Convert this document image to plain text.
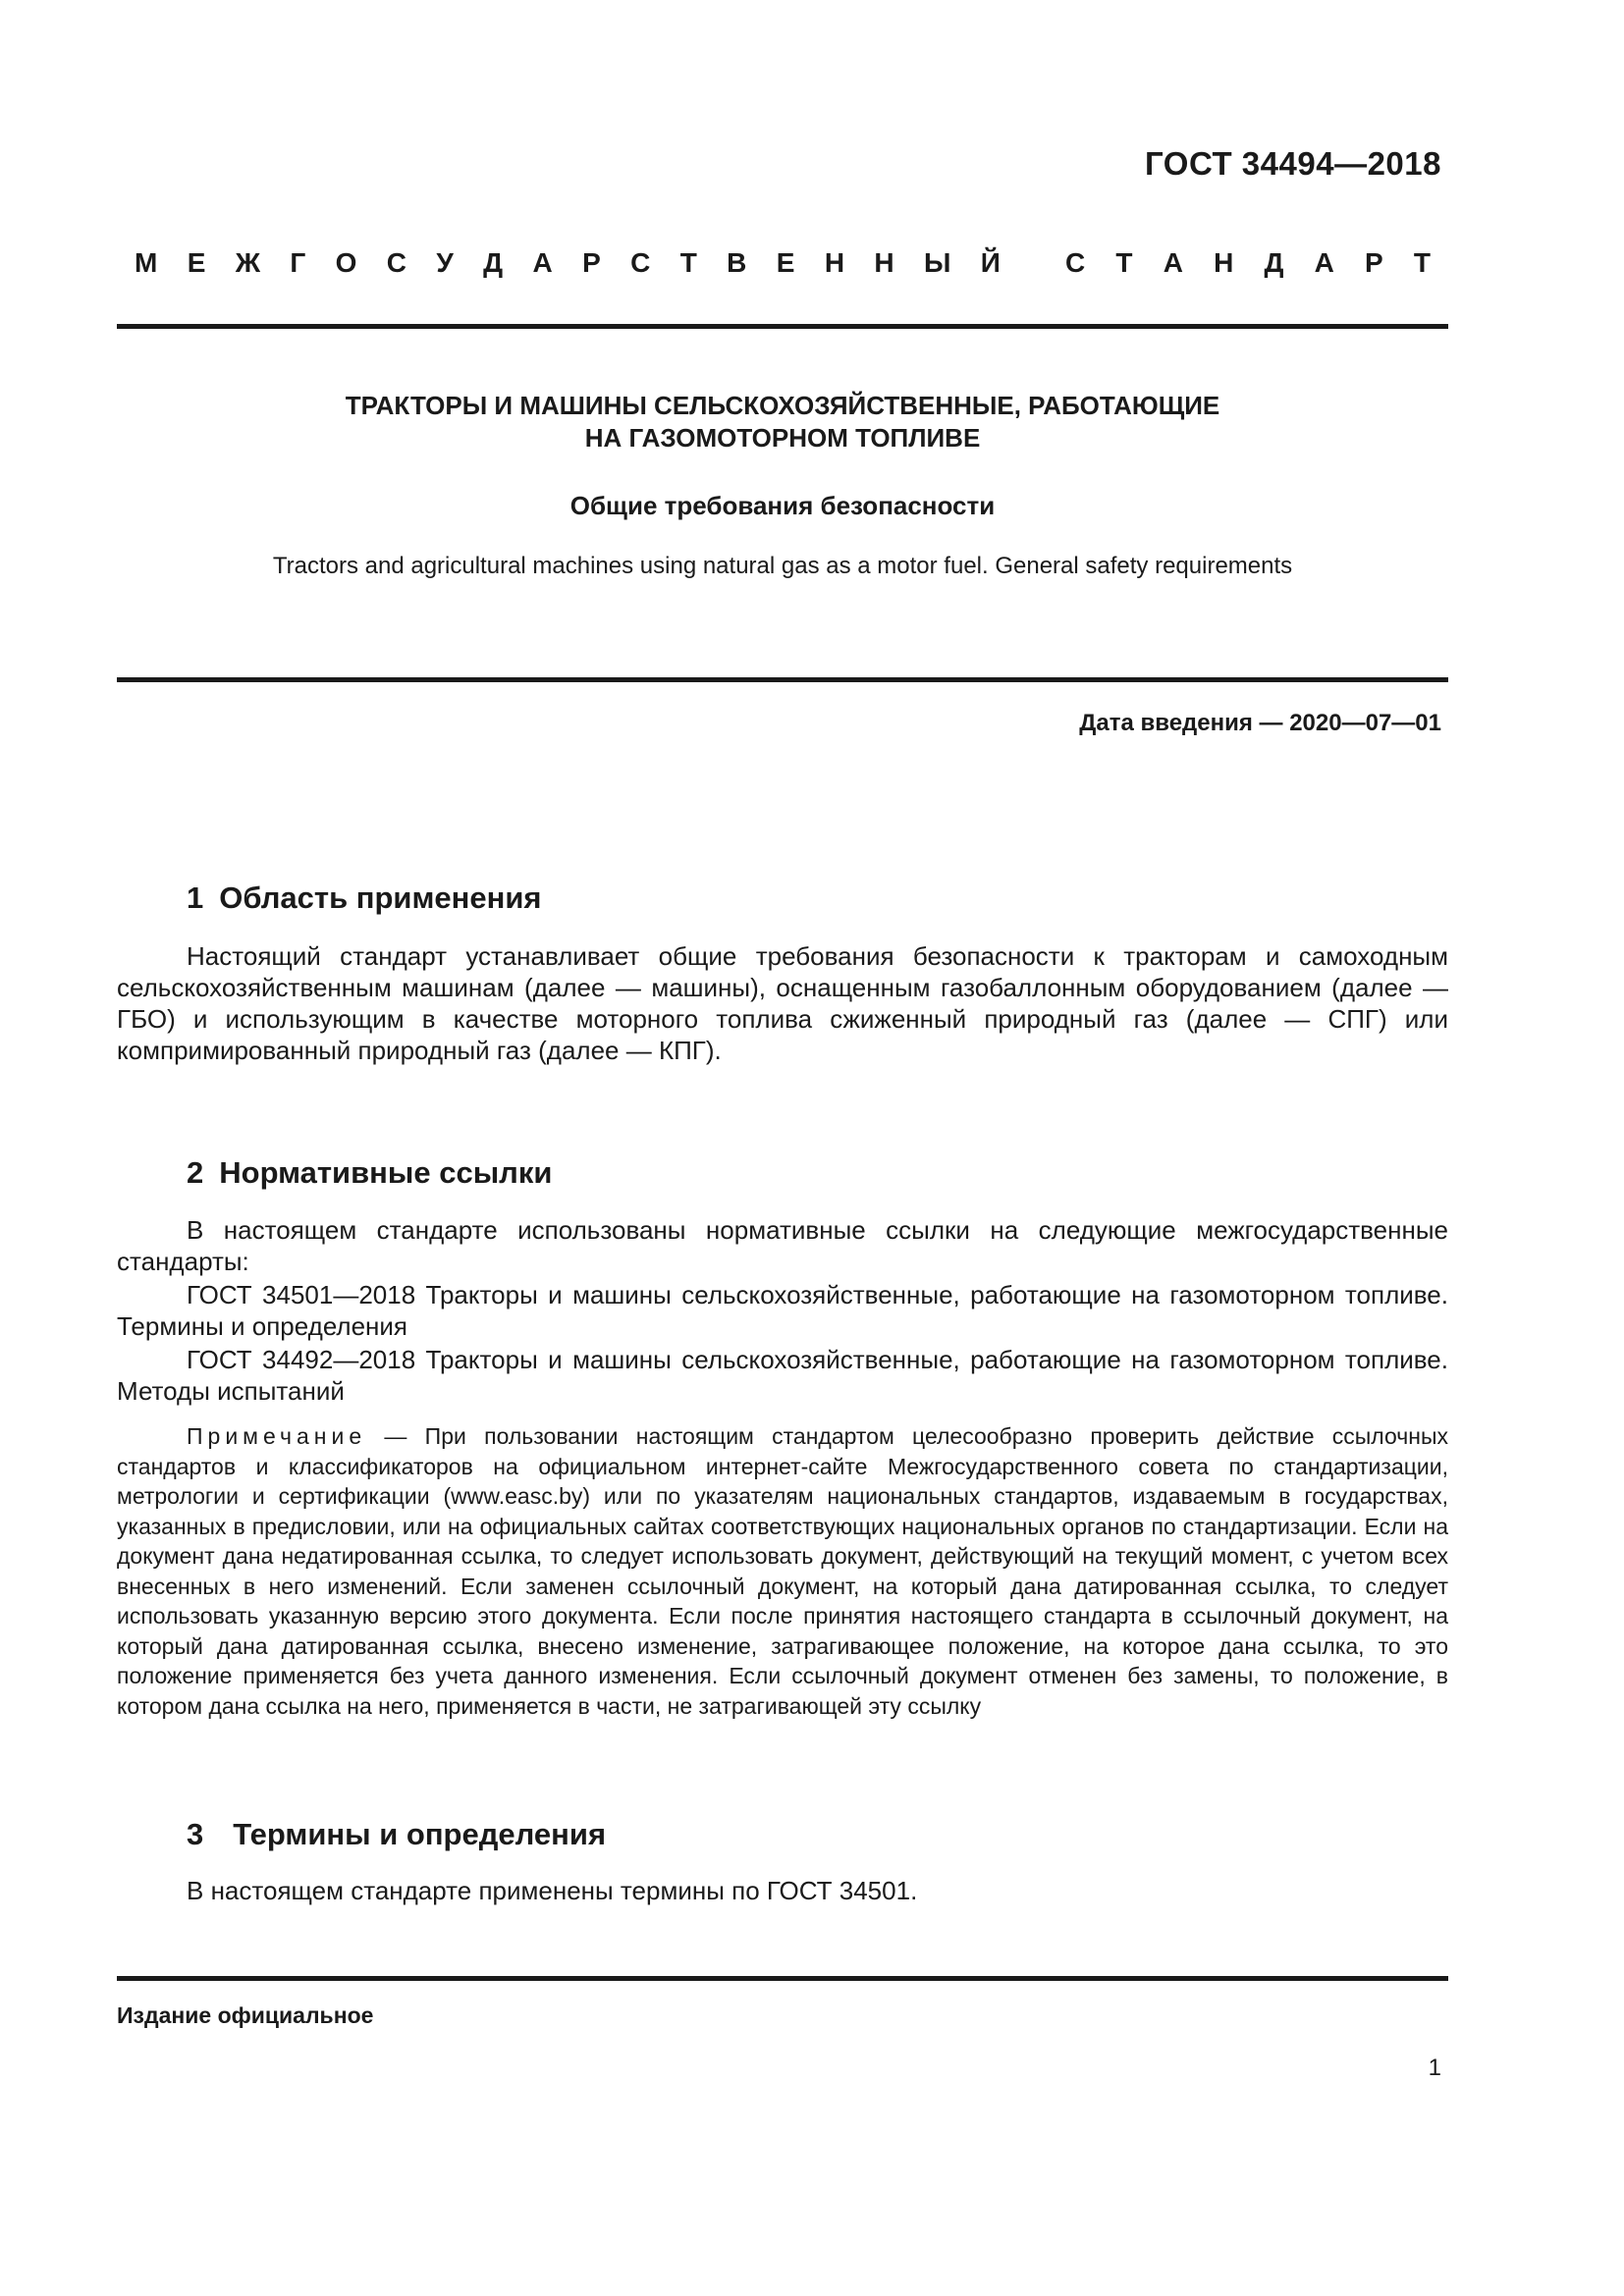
ГОСТ 34494—2018
М Е Ж Г О С У Д А Р С Т В Е Н Н Ы Й С Т А Н Д А Р Т
ТРАКТОРЫ И МАШИНЫ СЕЛЬСКОХОЗЯЙСТВЕННЫЕ, РАБОТАЮЩИЕ
НА ГАЗОМОТОРНОМ ТОПЛИВЕ
Общие требования безопасности
Tractors and agricultural machines using natural gas as a motor fuel. General safety requirements
Дата введения — 2020—07—01
1 Область применения
Настоящий стандарт устанавливает общие требования безопасности к тракторам и самоходным сельскохозяйственным машинам (далее — машины), оснащенным газобаллонным оборудованием (далее — ГБО) и использующим в качестве моторного топлива сжиженный природный газ (далее — СПГ) или компримированный природный газ (далее — КПГ).
2 Нормативные ссылки
В настоящем стандарте использованы нормативные ссылки на следующие межгосударственные стандарты:
ГОСТ 34501—2018 Тракторы и машины сельскохозяйственные, работающие на газомоторном топливе. Термины и определения
ГОСТ 34492—2018 Тракторы и машины сельскохозяйственные, работающие на газомоторном топливе. Методы испытаний
Примечание — При пользовании настоящим стандартом целесообразно проверить действие ссылочных стандартов и классификаторов на официальном интернет-сайте Межгосударственного совета по стандартизации, метрологии и сертификации (www.easc.by) или по указателям национальных стандартов, издаваемым в государствах, указанных в предисловии, или на официальных сайтах соответствующих национальных органов по стандартизации. Если на документ дана недатированная ссылка, то следует использовать документ, действующий на текущий момент, с учетом всех внесенных в него изменений. Если заменен ссылочный документ, на который дана датированная ссылка, то следует использовать указанную версию этого документа. Если после принятия настоящего стандарта в ссылочный документ, на который дана датированная ссылка, внесено изменение, затрагивающее положение, на которое дана ссылка, то это положение применяется без учета данного изменения. Если ссылочный документ отменен без замены, то положение, в котором дана ссылка на него, применяется в части, не затрагивающей эту ссылку
3 Термины и определения
В настоящем стандарте применены термины по ГОСТ 34501.
Издание официальное
1
